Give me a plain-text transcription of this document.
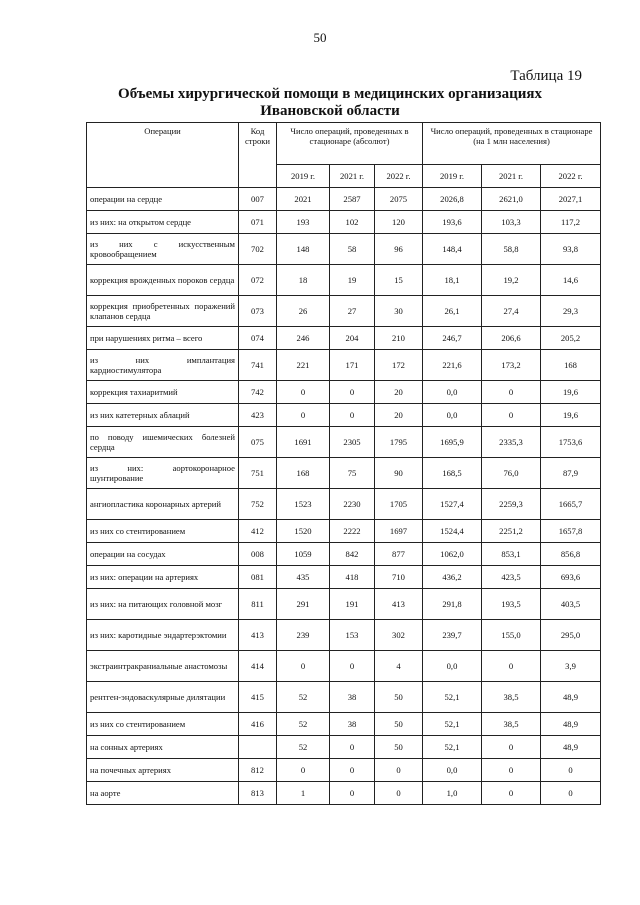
50
Таблица 19
Объемы хирургической помощи в медицинских организациях
Ивановской области
Операции	Код строки	Число операций, проведенных в стационаре (абсолют)			Число операций, проведенных в стационаре (на 1 млн населения)		
		2019 г.	2021 г.	2022 г.	2019 г.	2021 г.	2022 г.
операции на сердце	007	2021	2587	2075	2026,8	2621,0	2027,1
из них: на открытом сердце	071	193	102	120	193,6	103,3	117,2
из них с искусственным кровообращением	702	148	58	96	148,4	58,8	93,8
коррекция врожденных пороков сердца	072	18	19	15	18,1	19,2	14,6
коррекция приобретенных поражений клапанов сердца	073	26	27	30	26,1	27,4	29,3
при нарушениях ритма – всего	074	246	204	210	246,7	206,6	205,2
из них имплантация кардиостимулятора	741	221	171	172	221,6	173,2	168
коррекция тахиаритмий	742	0	0	20	0,0	0	19,6
из них катетерных аблаций	423	0	0	20	0,0	0	19,6
по поводу ишемических болезней сердца	075	1691	2305	1795	1695,9	2335,3	1753,6
из них: аортокоронарное шунтирование	751	168	75	90	168,5	76,0	87,9
ангиопластика коронарных артерий	752	1523	2230	1705	1527,4	2259,3	1665,7
из них со стентированием	412	1520	2222	1697	1524,4	2251,2	1657,8
операции на сосудах	008	1059	842	877	1062,0	853,1	856,8
из них: операции на артериях	081	435	418	710	436,2	423,5	693,6
из них: на питающих головной мозг	811	291	191	413	291,8	193,5	403,5
из них: каротидные эндартерэктомии	413	239	153	302	239,7	155,0	295,0
экстраинтракраниальные анастомозы	414	0	0	4	0,0	0	3,9
рентген-эндоваскулярные дилятации	415	52	38	50	52,1	38,5	48,9
из них со стентированием	416	52	38	50	52,1	38,5	48,9
на сонных артериях		52	0	50	52,1	0	48,9
на почечных артериях	812	0	0	0	0,0	0	0
на аорте	813	1	0	0	1,0	0	0
